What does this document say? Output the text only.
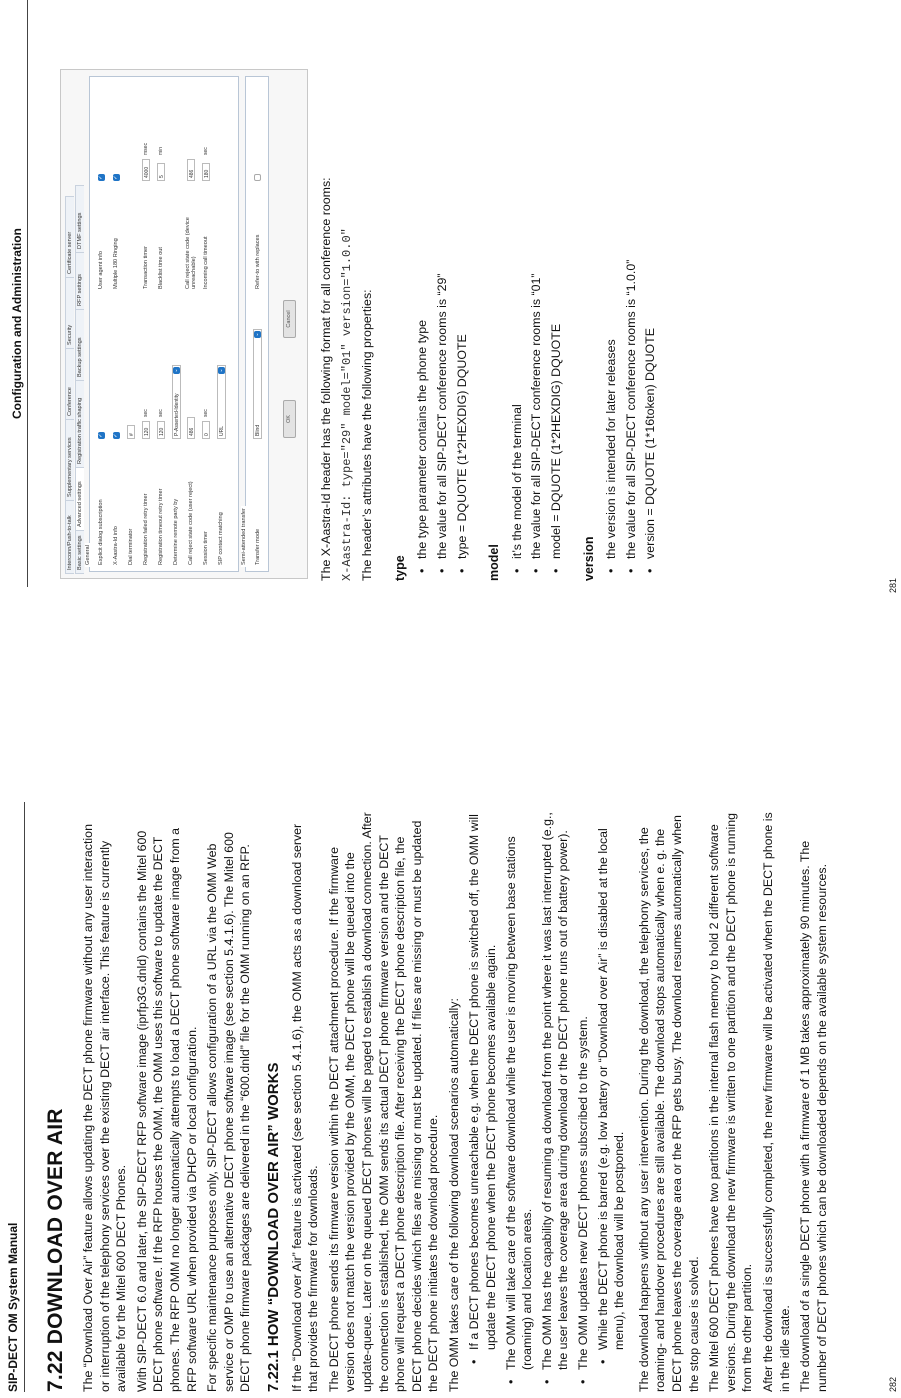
Configuration and Administration
Interconn/Push-to-talk
Supplementary services
Conference
Security
Certificate server
Basic settings
Advanced settings
Registration traffic shaping
Backup settings
RFP settings
DTMF settings
General Explicit dialog subscription
✓
X-Aastra-Id info
✓
Dial terminator
#
Registration failed retry timer
120
sec
Registration timeout retry timer
120
sec
Determine remote party by
P-Asserted-Identity
⌄
Call reject state code (user reject)
486
Session timer
0
sec
SIP contact matching
URL
⌄
User agent info
✓
Multiple 180 Ringing
✓
Transaction timer
4000
msec
Blacklist time out
5
min
Call reject state code (device unreachable)
486
Incoming call timeout
180
sec
Semi-attended transfer Transfer mode
Blind
⌄
Refer-to with replaces
OK
Cancel	The X-Aastra-Id header has the following format for all conference rooms: X-Aastra-Id: type="29" model="01" version="1.0.0" The header’s attributes have the following properties: type
• the type parameter contains the phone type • the value for all SIP-DECT conference rooms is “29” • type = DQUOTE (1*2HEXDIG) DQUOTE
model
• it’s the model of the terminal • the value for all SIP-DECT conference rooms is “01” • model = DQUOTE (1*2HEXDIG) DQUOTE version • the version is intended for later releases • the value for all SIP-DECT conference rooms is “1.0.0” • version = DQUOTE (1*16token) DQUOTE
281
SIP-DECT OM System Manual 7.22 DOWNLOAD OVER AIR The “Download Over Air” feature allows updating the DECT phone firmware without any user interaction or interruption of the telephony services over the existing DECT air interface. This feature is currently available for the Mitel 600 DECT Phones. With SIP-DECT 6.0 and later, the SIP-DECT RFP software image (iprfp3G.dnld) contains the Mitel 600 DECT phone software. If the RFP houses the OMM, the OMM uses this software to update the DECT phones. The RFP OMM no longer automatically attempts to load a DECT phone software image from a RFP software URL when provided via DHCP or local configuration. For specific maintenance purposes only, SIP-DECT allows configuration of a URL via the OMM Web service or OMP to use an alternative DECT phone software image (see section 5.4.1.6). The Mitel 600 DECT phone firmware packages are delivered in the “600.dnld” file for the OMM running on an RFP. 7.22.1 HOW “DOWNLOAD OVER AIR” WORKS If the “Download over Air” feature is activated (see section 5.4.1.6), the OMM acts as a download server that provides the firmware for downloads. The DECT phone sends its firmware version within the DECT attachment procedure. If the firmware version does not match the version provided by the OMM, the DECT phone will be queued into the update-queue. Later on the queued DECT phones will be paged to establish a download connection. After the connection is established, the OMM sends its actual DECT phone firmware version and the DECT phone will request a DECT phone description file. After receiving the DECT phone description file, the DECT phone decides which files are missing or must be updated. If files are missing or must be updated the DECT phone initiates the download procedure. The OMM takes care of the following download scenarios automatically: • If a DECT phones becomes unreachable e.g. when the DECT phone is switched off, the OMM will update the DECT phone when the DECT phone becomes available again. • The OMM will take care of the software download while the user is moving between base stations (roaming) and location areas. • The OMM has the capability of resuming a download from the point where it was last interrupted (e.g., the user leaves the coverage area during download or the DECT phone runs out of battery power). • The OMM updates new DECT phones subscribed to the system. • While the DECT phone is barred (e.g. low battery or “Download over Air” is disabled at the local menu), the download will be postponed. The download happens without any user intervention. During the download, the telephony services, the roaming- and handover procedures are still available. The download stops automatically when e. g. the DECT phone leaves the coverage area or the RFP gets busy. The download resumes automatically when the stop cause is solved. The Mitel 600 DECT phones have two partitions in the internal flash memory to hold 2 different software versions. During the download the new firmware is written to one partition and the DECT phone is running from the other partition. After the download is successfully completed, the new firmware will be activated when the DECT phone is in the idle state. The download of a single DECT phone with a firmware of 1 MB takes approximately 90 minutes. The number of DECT phones which can be downloaded depends on the available system resources.	282
